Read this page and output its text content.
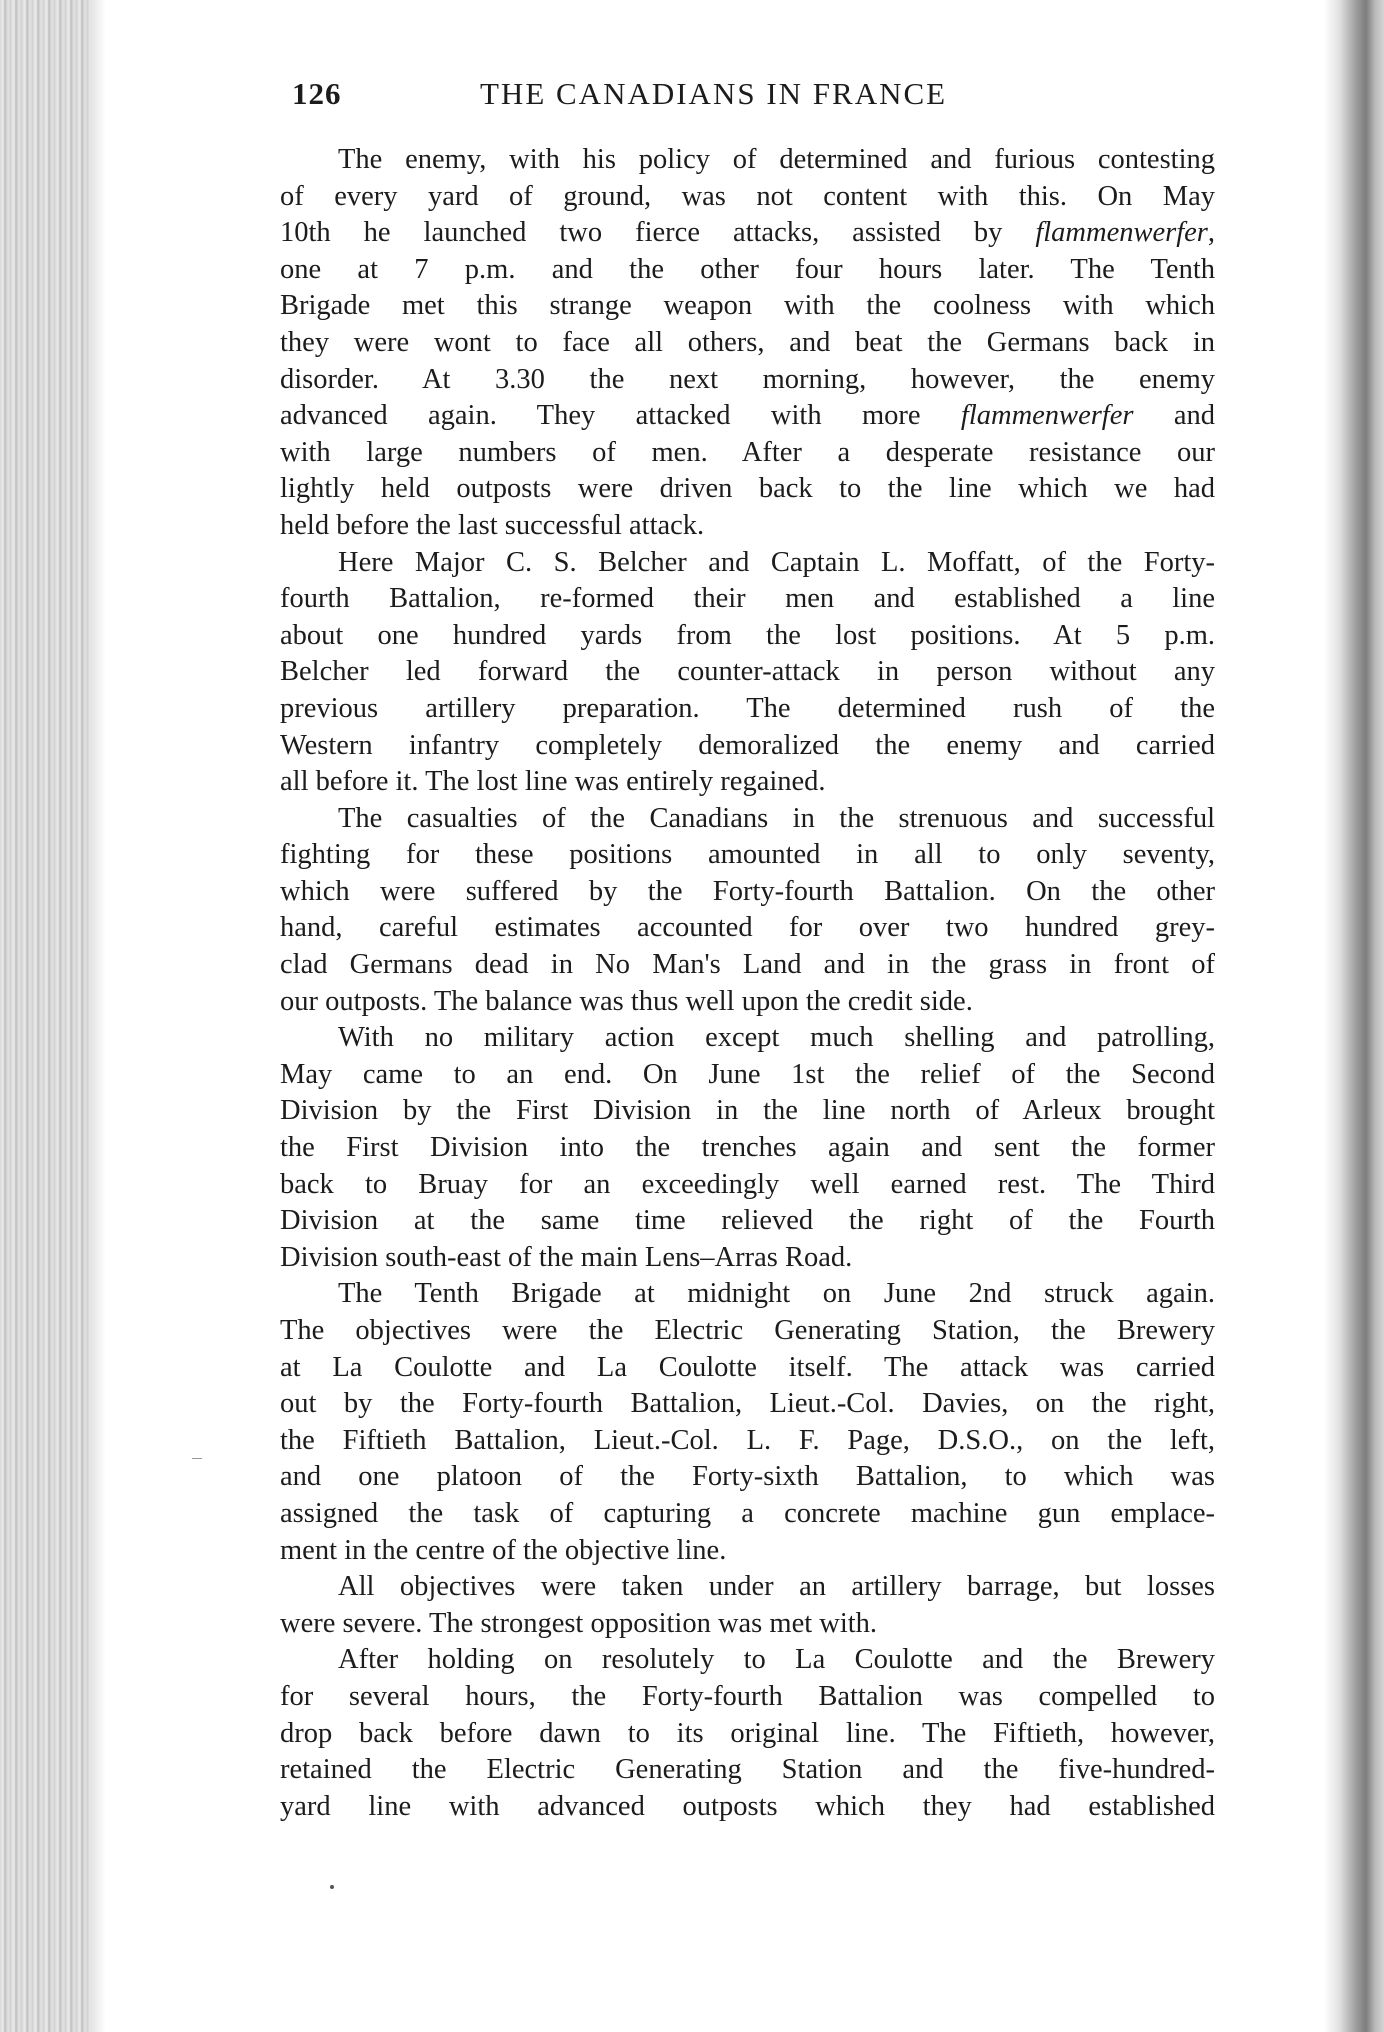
126	THE CANADIANS IN FRANCE

The enemy, with his policy of determined and furious contesting
of every yard of ground, was not content with this. On May
10th he launched two fierce attacks, assisted by flammenwerfer,
one at 7 p.m. and the other four hours later. The Tenth
Brigade met this strange weapon with the coolness with which
they were wont to face all others, and beat the Germans back in
disorder. At 3.30 the next morning, however, the enemy
advanced again. They attacked with more flammenwerfer and
with large numbers of men. After a desperate resistance our
lightly held outposts were driven back to the line which we had
held before the last successful attack.

Here Major C. S. Belcher and Captain L. Moffatt, of the Forty-
fourth Battalion, re-formed their men and established a line
about one hundred yards from the lost positions. At 5 p.m.
Belcher led forward the counter-attack in person without any
previous artillery preparation. The determined rush of the
Western infantry completely demoralized the enemy and carried
all before it. The lost line was entirely regained.

The casualties of the Canadians in the strenuous and successful
fighting for these positions amounted in all to only seventy,
which were suffered by the Forty-fourth Battalion. On the other
hand, careful estimates accounted for over two hundred grey-
clad Germans dead in No Man's Land and in the grass in front of
our outposts. The balance was thus well upon the credit side.

With no military action except much shelling and patrolling,
May came to an end. On June 1st the relief of the Second
Division by the First Division in the line north of Arleux brought
the First Division into the trenches again and sent the former
back to Bruay for an exceedingly well earned rest. The Third
Division at the same time relieved the right of the Fourth
Division south-east of the main Lens–Arras Road.

The Tenth Brigade at midnight on June 2nd struck again.
The objectives were the Electric Generating Station, the Brewery
at La Coulotte and La Coulotte itself. The attack was carried
out by the Forty-fourth Battalion, Lieut.-Col. Davies, on the right,
the Fiftieth Battalion, Lieut.-Col. L. F. Page, D.S.O., on the left,
and one platoon of the Forty-sixth Battalion, to which was
assigned the task of capturing a concrete machine gun emplace-
ment in the centre of the objective line.

All objectives were taken under an artillery barrage, but losses
were severe. The strongest opposition was met with.

After holding on resolutely to La Coulotte and the Brewery
for several hours, the Forty-fourth Battalion was compelled to
drop back before dawn to its original line. The Fiftieth, however,
retained the Electric Generating Station and the five-hundred-
yard line with advanced outposts which they had established
